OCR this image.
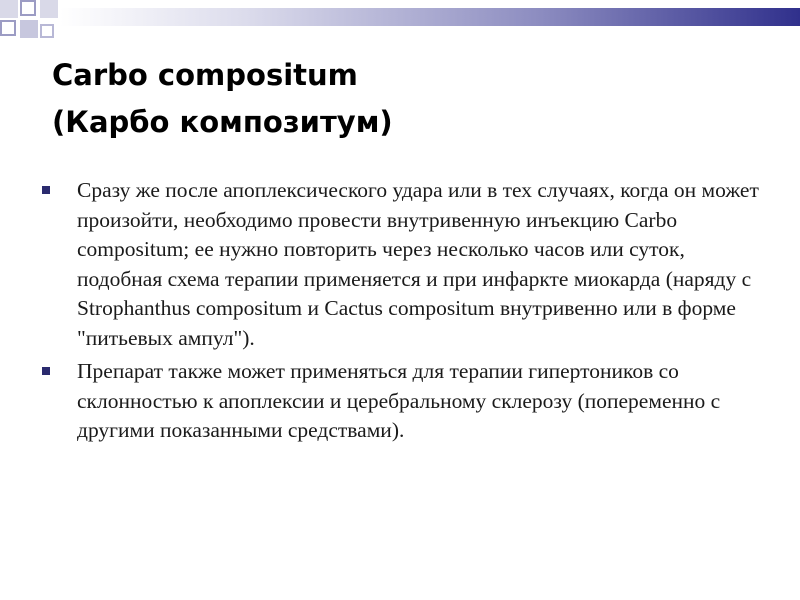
Carbo compositum
(Карбо композитум)

Сразу же после апоплексического удара или в тех случаях, когда он может произойти, необходимо провести внутривенную инъекцию Carbo compositum; ее нужно повторить через несколько часов или суток, подобная схема терапии применяется и при инфаркте миокарда (наряду с Strophanthus compositum и Cactus compositum внутривенно или в форме "питьевых ампул").

Препарат также может применяться для терапии гипертоников со склонностью к апоплексии и церебральному склерозу (попеременно с другими показанными средствами).
